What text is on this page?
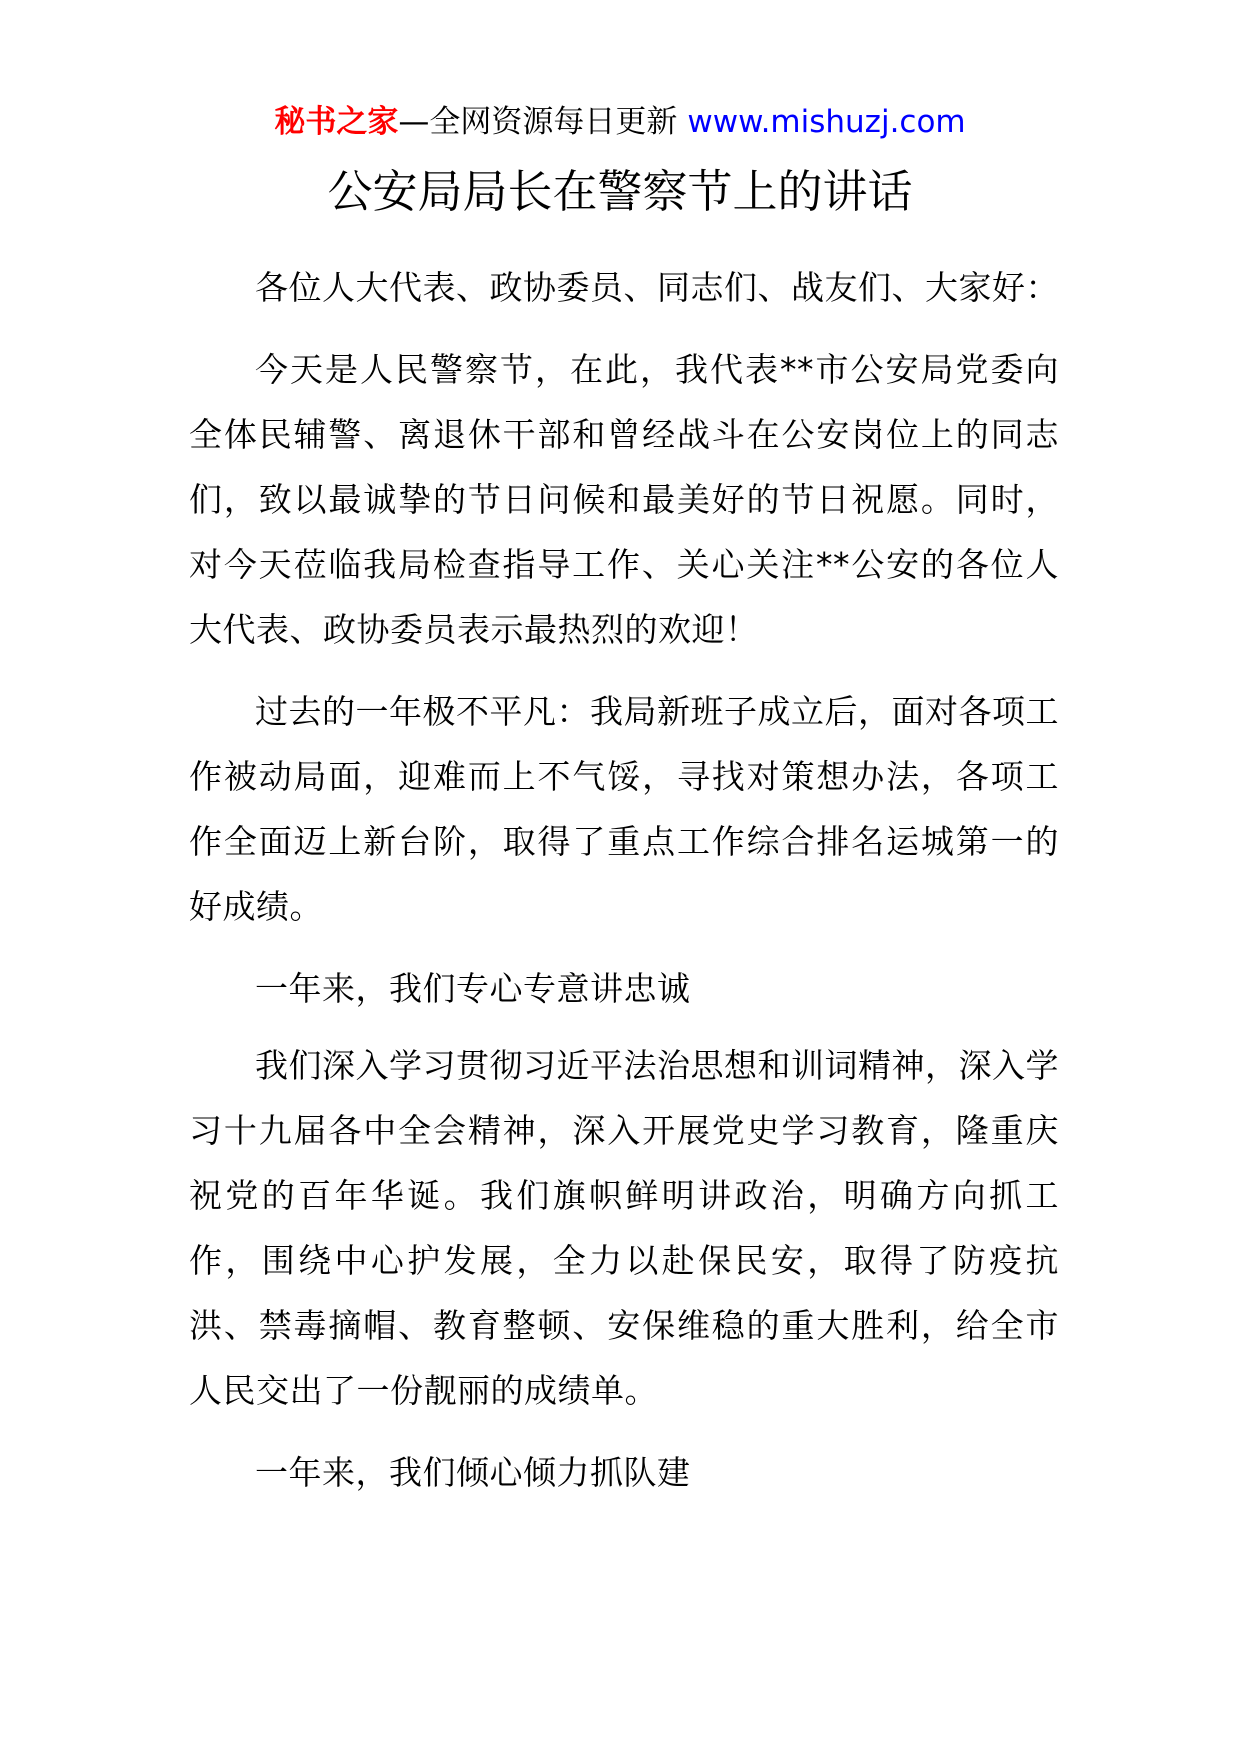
秘书之家—全网资源每日更新 www.mishuzj.com
公安局局长在警察节上的讲话

各位人大代表、政协委员、同志们、战友们、大家好：

今天是人民警察节，在此，我代表**市公安局党委向全体民辅警、离退休干部和曾经战斗在公安岗位上的同志们，致以最诚挚的节日问候和最美好的节日祝愿。同时，对今天莅临我局检查指导工作、关心关注**公安的各位人大代表、政协委员表示最热烈的欢迎！

过去的一年极不平凡：我局新班子成立后，面对各项工作被动局面，迎难而上不气馁，寻找对策想办法，各项工作全面迈上新台阶，取得了重点工作综合排名运城第一的好成绩。

一年来，我们专心专意讲忠诚

我们深入学习贯彻习近平法治思想和训词精神，深入学习十九届各中全会精神，深入开展党史学习教育，隆重庆祝党的百年华诞。我们旗帜鲜明讲政治，明确方向抓工作，围绕中心护发展，全力以赴保民安，取得了防疫抗洪、禁毒摘帽、教育整顿、安保维稳的重大胜利，给全市人民交出了一份靓丽的成绩单。

一年来，我们倾心倾力抓队建
